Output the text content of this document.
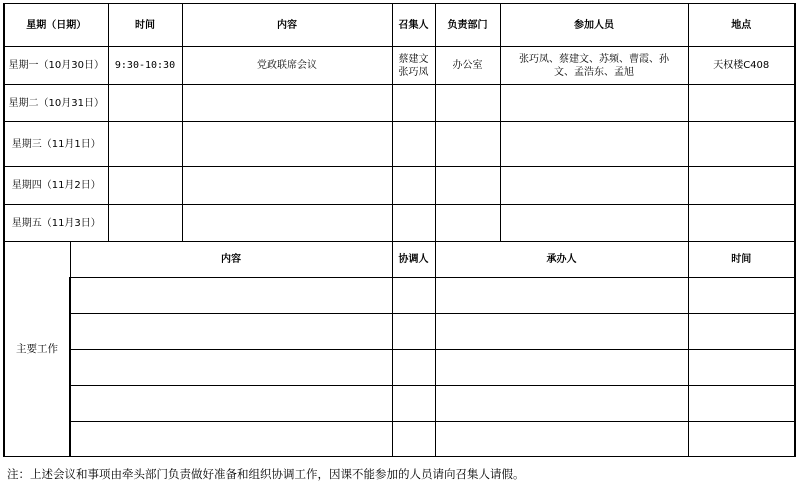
星期（日期）		时间	内容	召集人	负责部门	参加人员	地点
星期一（10月30日）		9:30-10:30	党政联席会议	蔡建文张巧凤	办公室	张巧凤、蔡建文、苏频、曹霞、孙文、孟浩东、孟旭	天权楼C408
星期二（10月31日）							
星期三（11月1日）							
星期四（11月2日）							
星期五（11月3日）							
主要工作	内容			协调人	承办人		时间

注：上述会议和事项由牵头部门负责做好准备和组织协调工作，因课不能参加的人员请向召集人请假。
